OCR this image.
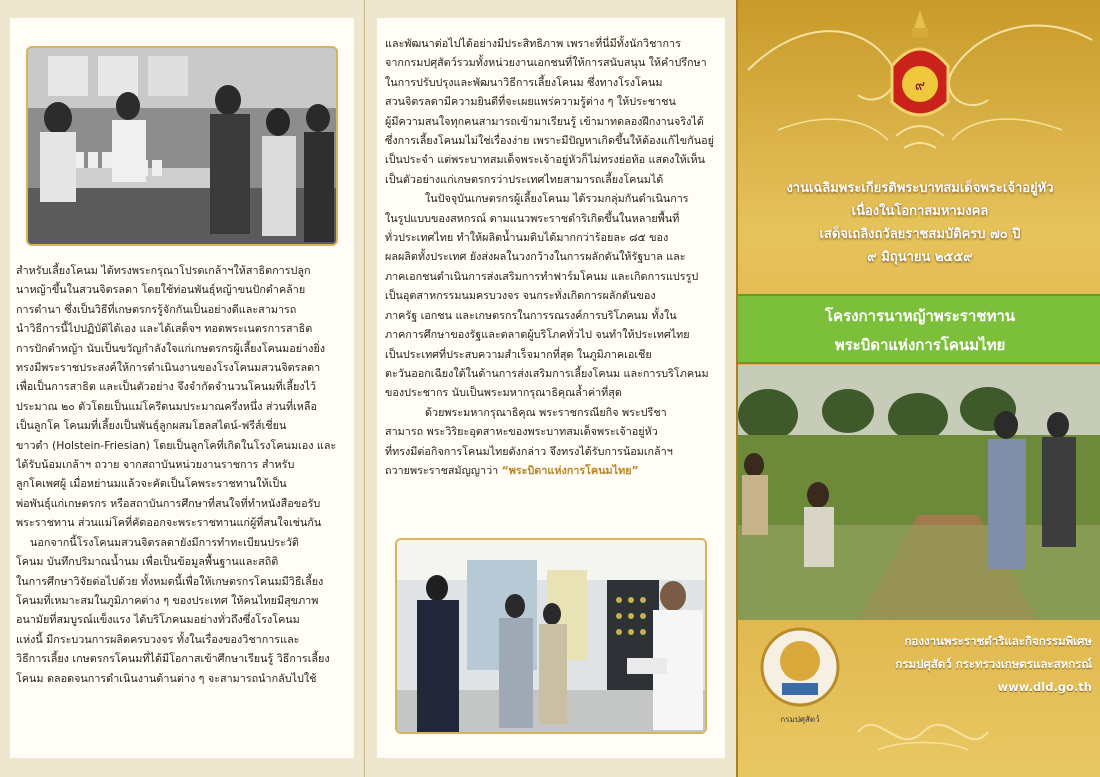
สำหรับเลี้ยงโคนม ได้ทรงพระกรุณาโปรดเกล้าฯให้สาธิตการปลูก
นาหญ้าขึ้นในสวนจิตรลดา โดยใช้ท่อนพันธุ์หญ้าขนปักดำคล้าย
การดำนา ซึ่งเป็นวิธีที่เกษตรกรรู้จักกันเป็นอย่างดีและสามารถ
นำวิธีการนี้ไปปฏิบัติได้เอง และได้เสด็จฯ ทอดพระเนตรการสาธิต
การปักดำหญ้า นับเป็นขวัญกำลังใจแก่เกษตรกรผู้เลี้ยงโคนมอย่างยิ่ง
ทรงมีพระราชประสงค์ให้การดำเนินงานของโรงโคนมสวนจิตรลดา
เพื่อเป็นการสาธิต และเป็นตัวอย่าง จึงจำกัดจำนวนโคนมที่เลี้ยงไว้
ประมาณ ๒๐ ตัวโดยเป็นแม่โครีดนมประมาณครึ่งหนึ่ง ส่วนที่เหลือ
เป็นลูกโค โคนมที่เลี้ยงเป็นพันธุ์ลูกผสมโฮลสไตน์-ฟรีส์เชี่ยน
ขาวดำ (Holstein-Friesian) โดยเป็นลูกโคที่เกิดในโรงโคนมเอง และ
ได้รับน้อมเกล้าฯ ถวาย จากสถาบันหน่วยงานราชการ สำหรับ
ลูกโคเพศผู้ เมื่อหย่านมแล้วจะคัดเป็นโคพระราชทานให้เป็น
พ่อพันธุ์แก่เกษตรกร หรือสถาบันการศึกษาที่สนใจที่ทำหนังสือขอรับ
พระราชทาน ส่วนแม่โคที่คัดออกจะพระราชทานแก่ผู้ที่สนใจเช่นกัน
นอกจากนี้โรงโคนมสวนจิตรลดายังมีการทำทะเบียนประวัติ
โคนม บันทึกปริมาณน้ำนม เพื่อเป็นข้อมูลพื้นฐานและสถิติ
ในการศึกษาวิจัยต่อไปด้วย ทั้งหมดนี้เพื่อให้เกษตรกรโคนมมีวิธีเลี้ยง
โคนมที่เหมาะสมในภูมิภาคต่าง ๆ ของประเทศ ให้คนไทยมีสุขภาพ
อนามัยที่สมบูรณ์แข็งแรง ได้บริโภคนมอย่างทั่วถึงซึ่งโรงโคนม
แห่งนี้ มีกระบวนการผลิตครบวงจร ทั้งในเรื่องของวิชาการและ
วิธีการเลี้ยง เกษตรกรโคนมที่ได้มีโอกาสเข้าศึกษาเรียนรู้ วิธีการเลี้ยง
โคนม ตลอดจนการดำเนินงานด้านต่าง ๆ จะสามารถนำกลับไปใช้
และพัฒนาต่อไปได้อย่างมีประสิทธิภาพ เพราะที่นี่มีทั้งนักวิชาการ
จากกรมปศุสัตว์รวมทั้งหน่วยงานเอกชนที่ให้การสนับสนุน ให้คำปรึกษา
ในการปรับปรุงและพัฒนาวิธีการเลี้ยงโคนม ซึ่งทางโรงโคนม
สวนจิตรลดามีความยินดีที่จะเผยแพร่ความรู้ต่าง ๆ ให้ประชาชน
ผู้มีความสนใจทุกคนสามารถเข้ามาเรียนรู้ เข้ามาทดลองฝึกงานจริงได้
ซึ่งการเลี้ยงโคนมไม่ใช่เรื่องง่าย เพราะมีปัญหาเกิดขึ้นให้ต้องแก้ไขกันอยู่
เป็นประจำ แต่พระบาทสมเด็จพระเจ้าอยู่หัวก็ไม่ทรงย่อท้อ แสดงให้เห็น
เป็นตัวอย่างแก่เกษตรกรว่าประเทศไทยสามารถเลี้ยงโคนมได้
ในปัจจุบันเกษตรกรผู้เลี้ยงโคนม ได้รวมกลุ่มกันดำเนินการ
ในรูปแบบของสหกรณ์ ตามแนวพระราชดำริเกิดขึ้นในหลายพื้นที่
ทั่วประเทศไทย ทำให้ผลิตน้ำนมดิบได้มากกว่าร้อยละ ๘๕ ของ
ผลผลิตทั้งประเทศ ยังส่งผลในวงกว้างในการผลักดันให้รัฐบาล และ
ภาคเอกชนดำเนินการส่งเสริมการทำฟาร์มโคนม และเกิดการแปรรูป
เป็นอุตสาหกรรมนมครบวงจร จนกระทั่งเกิดการผลักดันของ
ภาครัฐ เอกชน และเกษตรกรในการรณรงค์การบริโภคนม ทั้งใน
ภาคการศึกษาของรัฐและตลาดผู้บริโภคทั่วไป จนทำให้ประเทศไทย
เป็นประเทศที่ประสบความสำเร็จมากที่สุด ในภูมิภาคเอเชีย
ตะวันออกเฉียงใต้ในด้านการส่งเสริมการเลี้ยงโคนม และการบริโภคนม
ของประชากร นับเป็นพระมหากรุณาธิคุณล้ำค่าที่สุด
ด้วยพระมหากรุณาธิคุณ พระราชกรณียกิจ พระปรีชา
สามารถ พระวิริยะอุตสาหะของพระบาทสมเด็จพระเจ้าอยู่หัว
ที่ทรงมีต่อกิจการโคนมไทยดังกล่าว จึงทรงได้รับการน้อมเกล้าฯ
ถวายพระราชสมัญญาว่า “พระบิดาแห่งการโคนมไทย”
๙
งานเฉลิมพระเกียรติพระบาทสมเด็จพระเจ้าอยู่หัว
เนื่องในโอกาสมหามงคล
เสด็จเถลิงถวัลยราชสมบัติครบ ๗๐ ปี
๙ มิถุนายน ๒๕๕๙
โครงการนาหญ้าพระราชทาน
พระบิดาแห่งการโคนมไทย
กรมปศุสัตว์
กองงานพระราชดำริและกิจกรรมพิเศษ
กรมปศุสัตว์ กระทรวงเกษตรและสหกรณ์
www.dld.go.th
